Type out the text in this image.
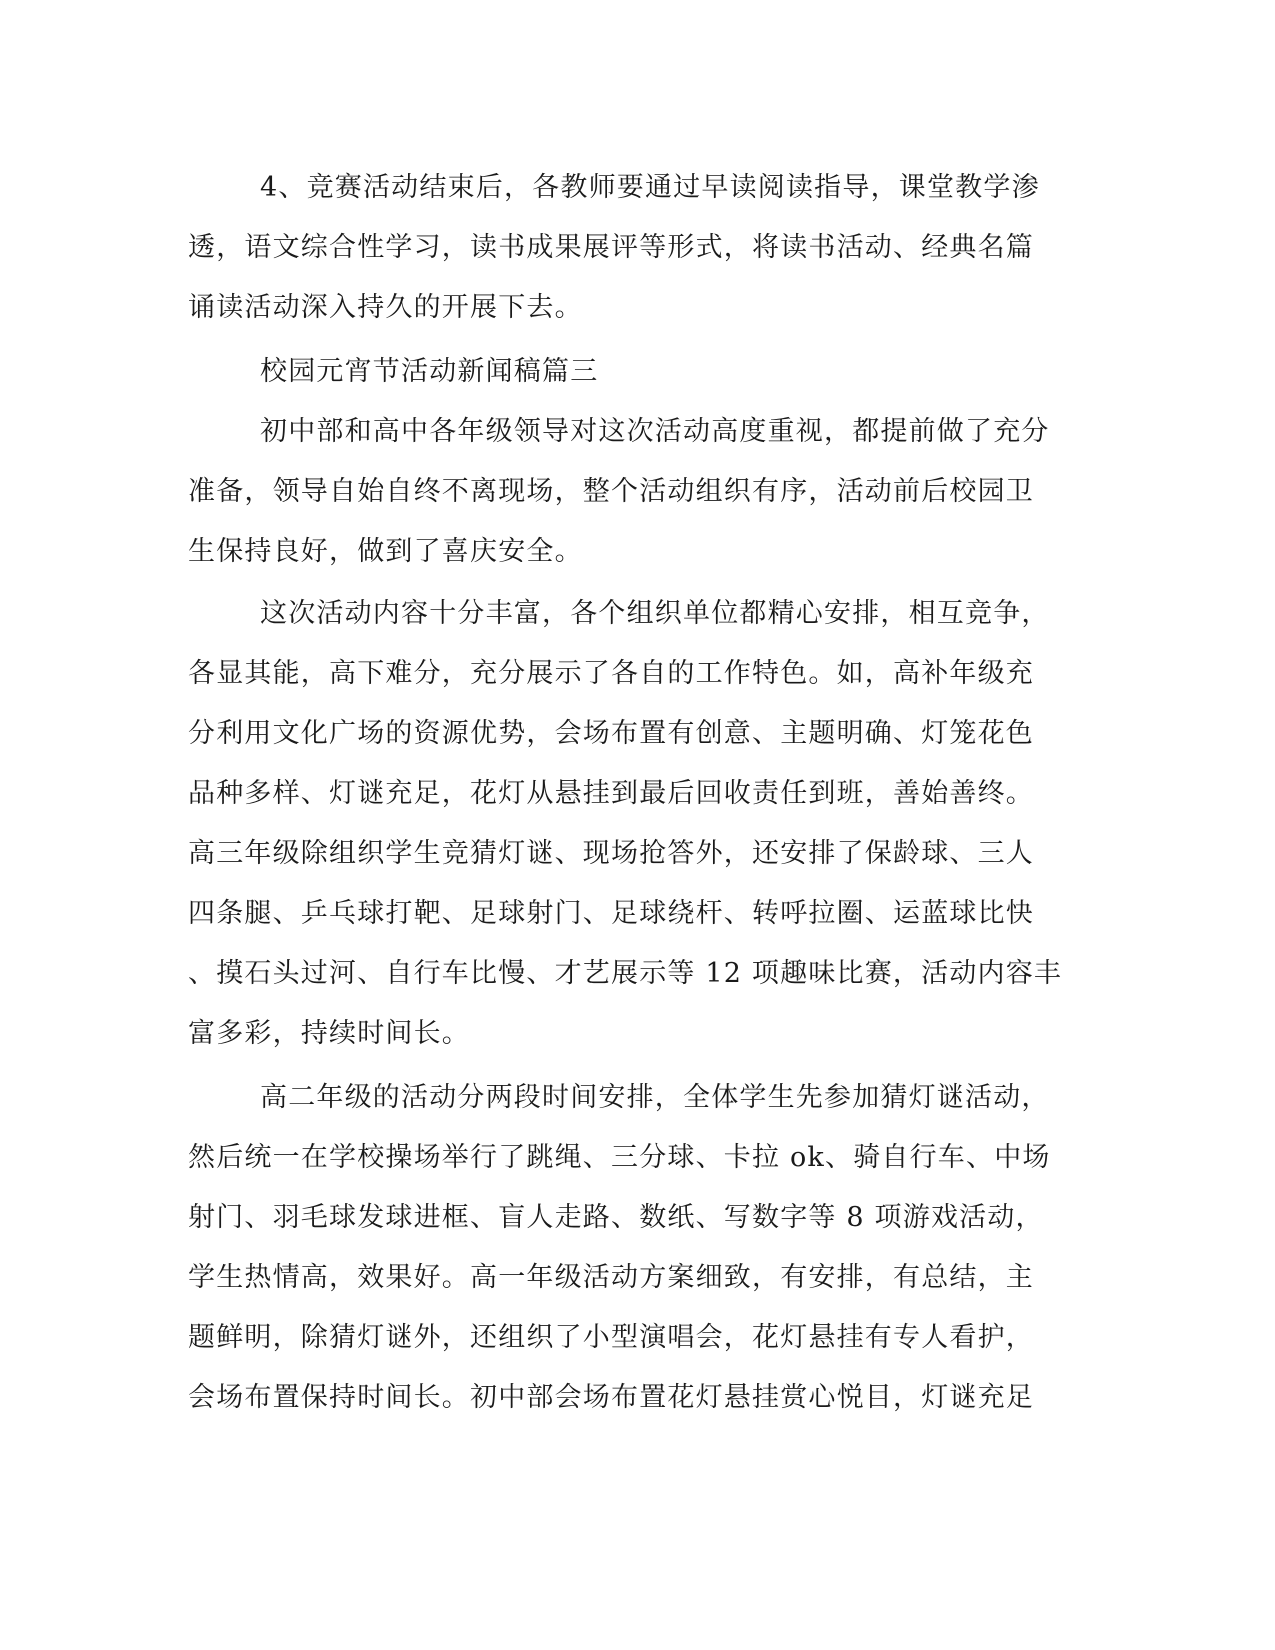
4、竞赛活动结束后，各教师要通过早读阅读指导，课堂教学渗
透，语文综合性学习，读书成果展评等形式，将读书活动、经典名篇
诵读活动深入持久的开展下去。
校园元宵节活动新闻稿篇三
初中部和高中各年级领导对这次活动高度重视，都提前做了充分
准备，领导自始自终不离现场，整个活动组织有序，活动前后校园卫
生保持良好，做到了喜庆安全。
这次活动内容十分丰富，各个组织单位都精心安排，相互竞争，
各显其能，高下难分，充分展示了各自的工作特色。如，高补年级充
分利用文化广场的资源优势，会场布置有创意、主题明确、灯笼花色
品种多样、灯谜充足，花灯从悬挂到最后回收责任到班，善始善终。
高三年级除组织学生竞猜灯谜、现场抢答外，还安排了保龄球、三人
四条腿、乒乓球打靶、足球射门、足球绕杆、转呼拉圈、运蓝球比快
、摸石头过河、自行车比慢、才艺展示等 12 项趣味比赛，活动内容丰
富多彩，持续时间长。
高二年级的活动分两段时间安排，全体学生先参加猜灯谜活动，
然后统一在学校操场举行了跳绳、三分球、卡拉 ok、骑自行车、中场
射门、羽毛球发球进框、盲人走路、数纸、写数字等 8 项游戏活动，
学生热情高，效果好。高一年级活动方案细致，有安排，有总结，主
题鲜明，除猜灯谜外，还组织了小型演唱会，花灯悬挂有专人看护，
会场布置保持时间长。初中部会场布置花灯悬挂赏心悦目，灯谜充足
